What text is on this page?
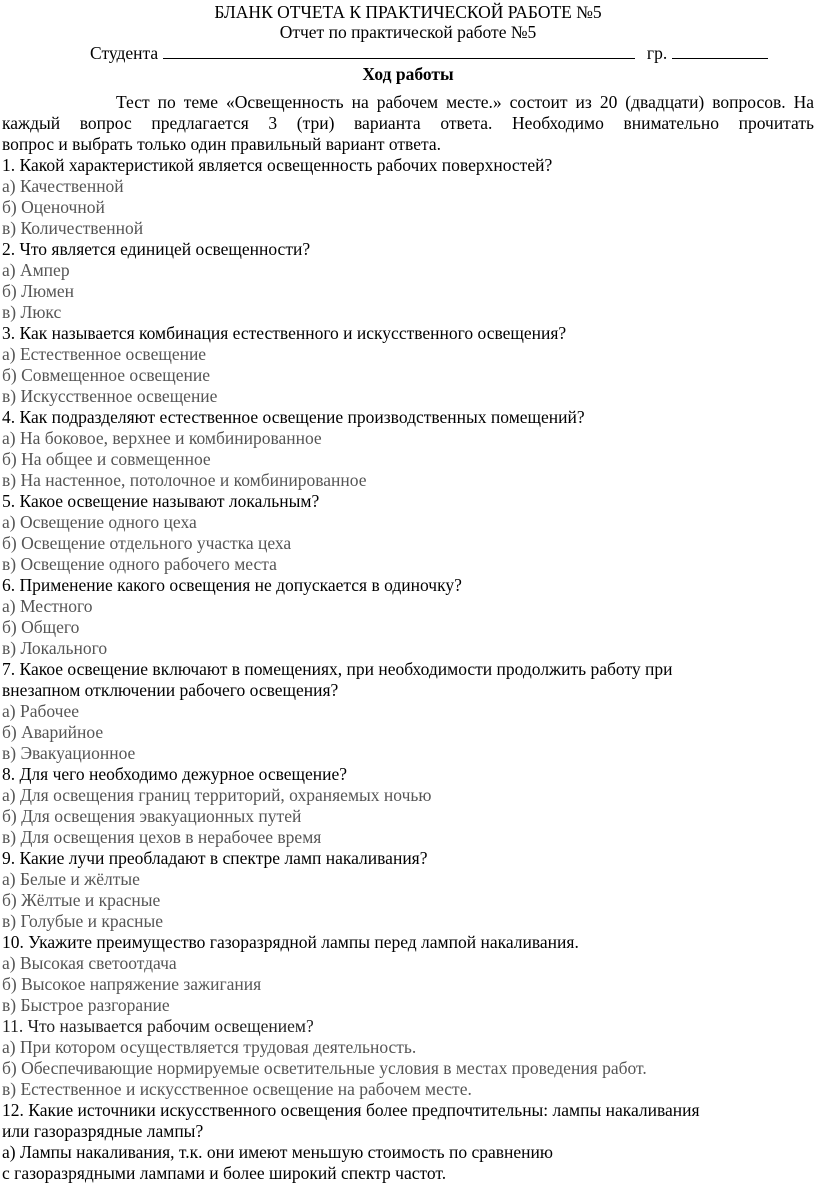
БЛАНК ОТЧЕТА К ПРАКТИЧЕСКОЙ РАБОТЕ №5
Отчет по практической работе №5
Студента	гр.
Ход работы
Тест по теме «Освещенность на рабочем месте.» состоит из 20 (двадцати) вопросов. На
каждый вопрос предлагается 3 (три) варианта ответа. Необходимо внимательно прочитать
вопрос и выбрать только один правильный вариант ответа.
1. Какой характеристикой является освещенность рабочих поверхностей?
а) Качественной
б) Оценочной
в) Количественной
2. Что является единицей освещенности?
а) Ампер
б) Люмен
в) Люкс
3. Как называется комбинация естественного и искусственного освещения?
а) Естественное освещение
б) Совмещенное освещение
в) Искусственное освещение
4. Как подразделяют естественное освещение производственных помещений?
а) На боковое, верхнее и комбинированное
б) На общее и совмещенное
в) На настенное, потолочное и комбинированное
5. Какое освещение называют локальным?
а) Освещение одного цеха
б) Освещение отдельного участка цеха
в) Освещение одного рабочего места
6. Применение какого освещения не допускается в одиночку?
а) Местного
б) Общего
в) Локального
7. Какое освещение включают в помещениях, при необходимости продолжить работу при
внезапном отключении рабочего освещения?
а) Рабочее
б) Аварийное
в) Эвакуационное
8. Для чего необходимо дежурное освещение?
а) Для освещения границ территорий, охраняемых ночью
б) Для освещения эвакуационных путей
в) Для освещения цехов в нерабочее время
9. Какие лучи преобладают в спектре ламп накаливания?
а) Белые и жёлтые
б) Жёлтые и красные
в) Голубые и красные
10. Укажите преимущество газоразрядной лампы перед лампой накаливания.
а) Высокая светоотдача
б) Высокое напряжение зажигания
в) Быстрое разгорание
11. Что называется рабочим освещением?
а) При котором осуществляется трудовая деятельность.
б) Обеспечивающие нормируемые осветительные условия в местах проведения работ.
в) Естественное и искусственное освещение на рабочем месте.
12. Какие источники искусственного освещения более предпочтительны: лампы накаливания
или газоразрядные лампы?
а) Лампы накаливания, т.к. они имеют меньшую стоимость по сравнению
с газоразрядными лампами и более широкий спектр частот.
